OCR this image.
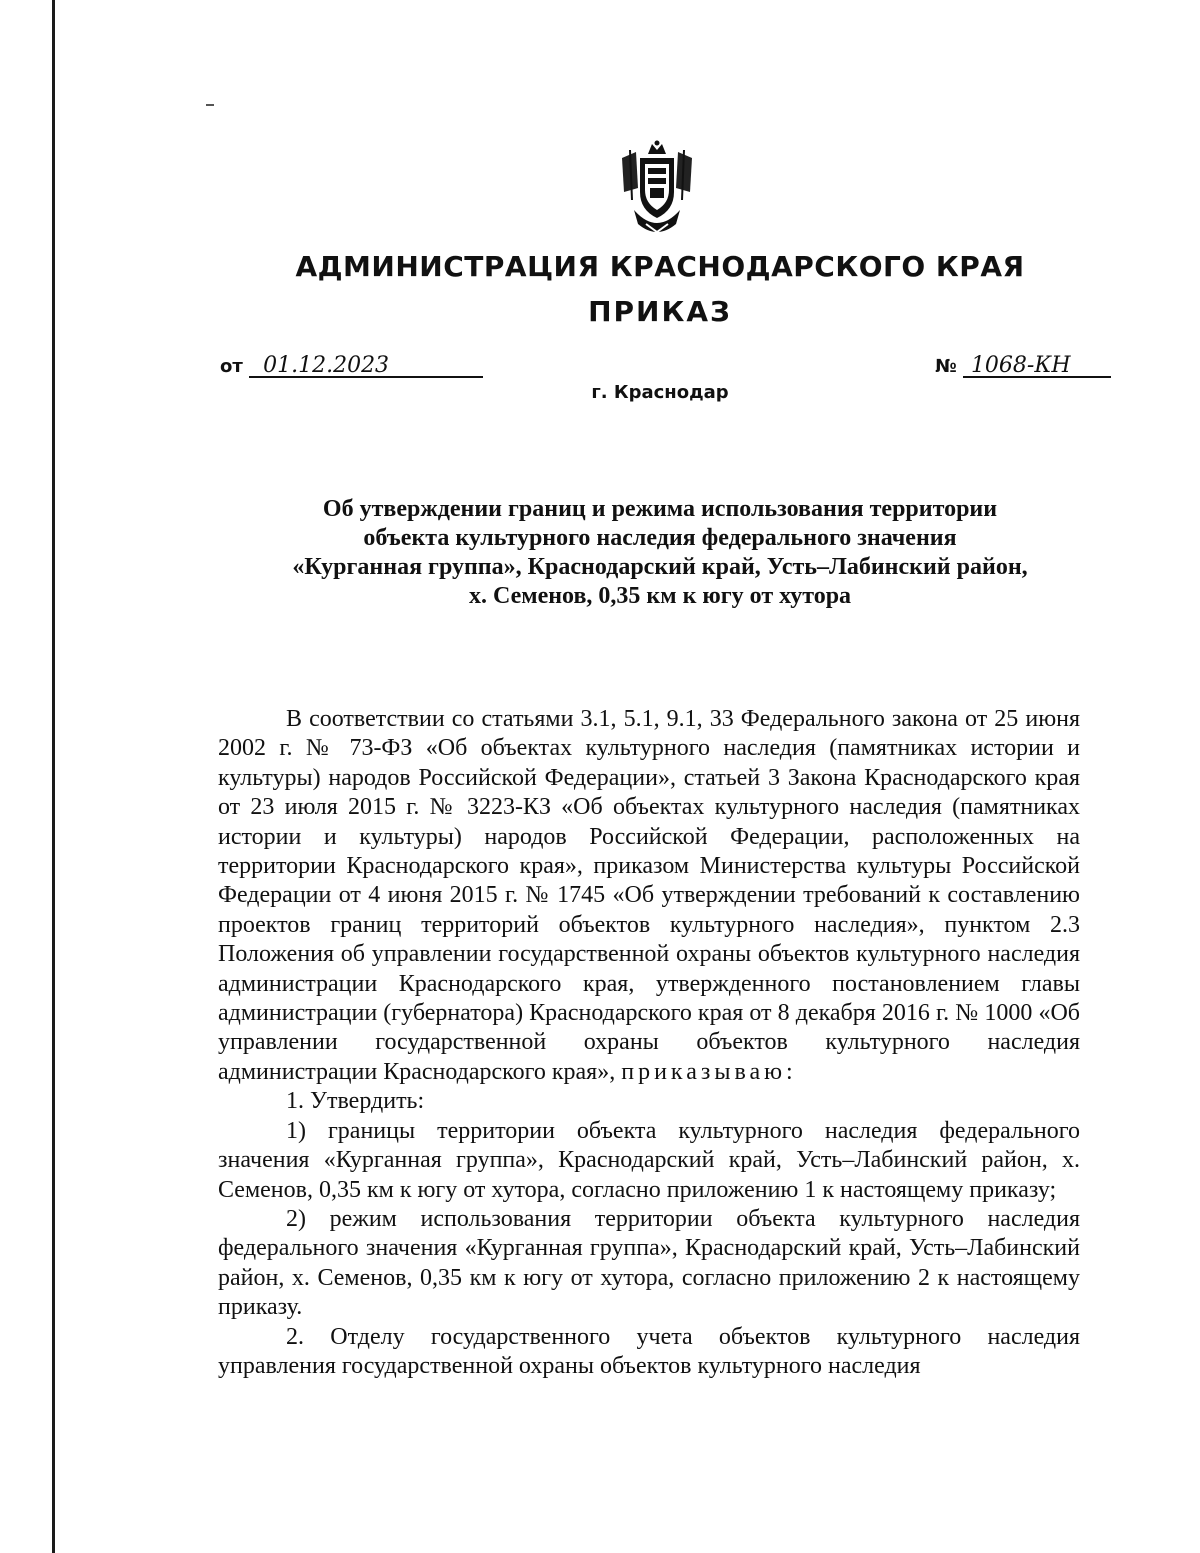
АДМИНИСТРАЦИЯ КРАСНОДАРСКОГО КРАЯ
ПРИКАЗ
от 01.12.2023	№ 1068-КН
г. Краснодар
Об утверждении границ и режима использования территории
объекта культурного наследия федерального значения
«Курганная группа», Краснодарский край, Усть–Лабинский район,
х. Семенов, 0,35 км к югу от хутора

В соответствии со статьями 3.1, 5.1, 9.1, 33 Федерального закона от 25 июня 2002 г. № 73-ФЗ «Об объектах культурного наследия (памятниках истории и культуры) народов Российской Федерации», статьей 3 Закона Краснодарского края от 23 июля 2015 г. № 3223-КЗ «Об объектах культурного наследия (памятниках истории и культуры) народов Российской Федерации, расположенных на территории Краснодарского края», приказом Министерства культуры Российской Федерации от 4 июня 2015 г. № 1745 «Об утверждении требований к составлению проектов границ территорий объектов культурного наследия», пунктом 2.3 Положения об управлении государственной охраны объектов культурного наследия администрации Краснодарского края, утвержденного постановлением главы администрации (губернатора) Краснодарского края от 8 декабря 2016 г. № 1000 «Об управлении государственной охраны объектов культурного наследия администрации Краснодарского края», приказываю:

1. Утвердить:

1) границы территории объекта культурного наследия федерального значения «Курганная группа», Краснодарский край, Усть–Лабинский район, х. Семенов, 0,35 км к югу от хутора, согласно приложению 1 к настоящему приказу;

2) режим использования территории объекта культурного наследия федерального значения «Курганная группа», Краснодарский край, Усть–Лабинский район, х. Семенов, 0,35 км к югу от хутора, согласно приложению 2 к настоящему приказу.

2. Отделу государственного учета объектов культурного наследия управления государственной охраны объектов культурного наследия
